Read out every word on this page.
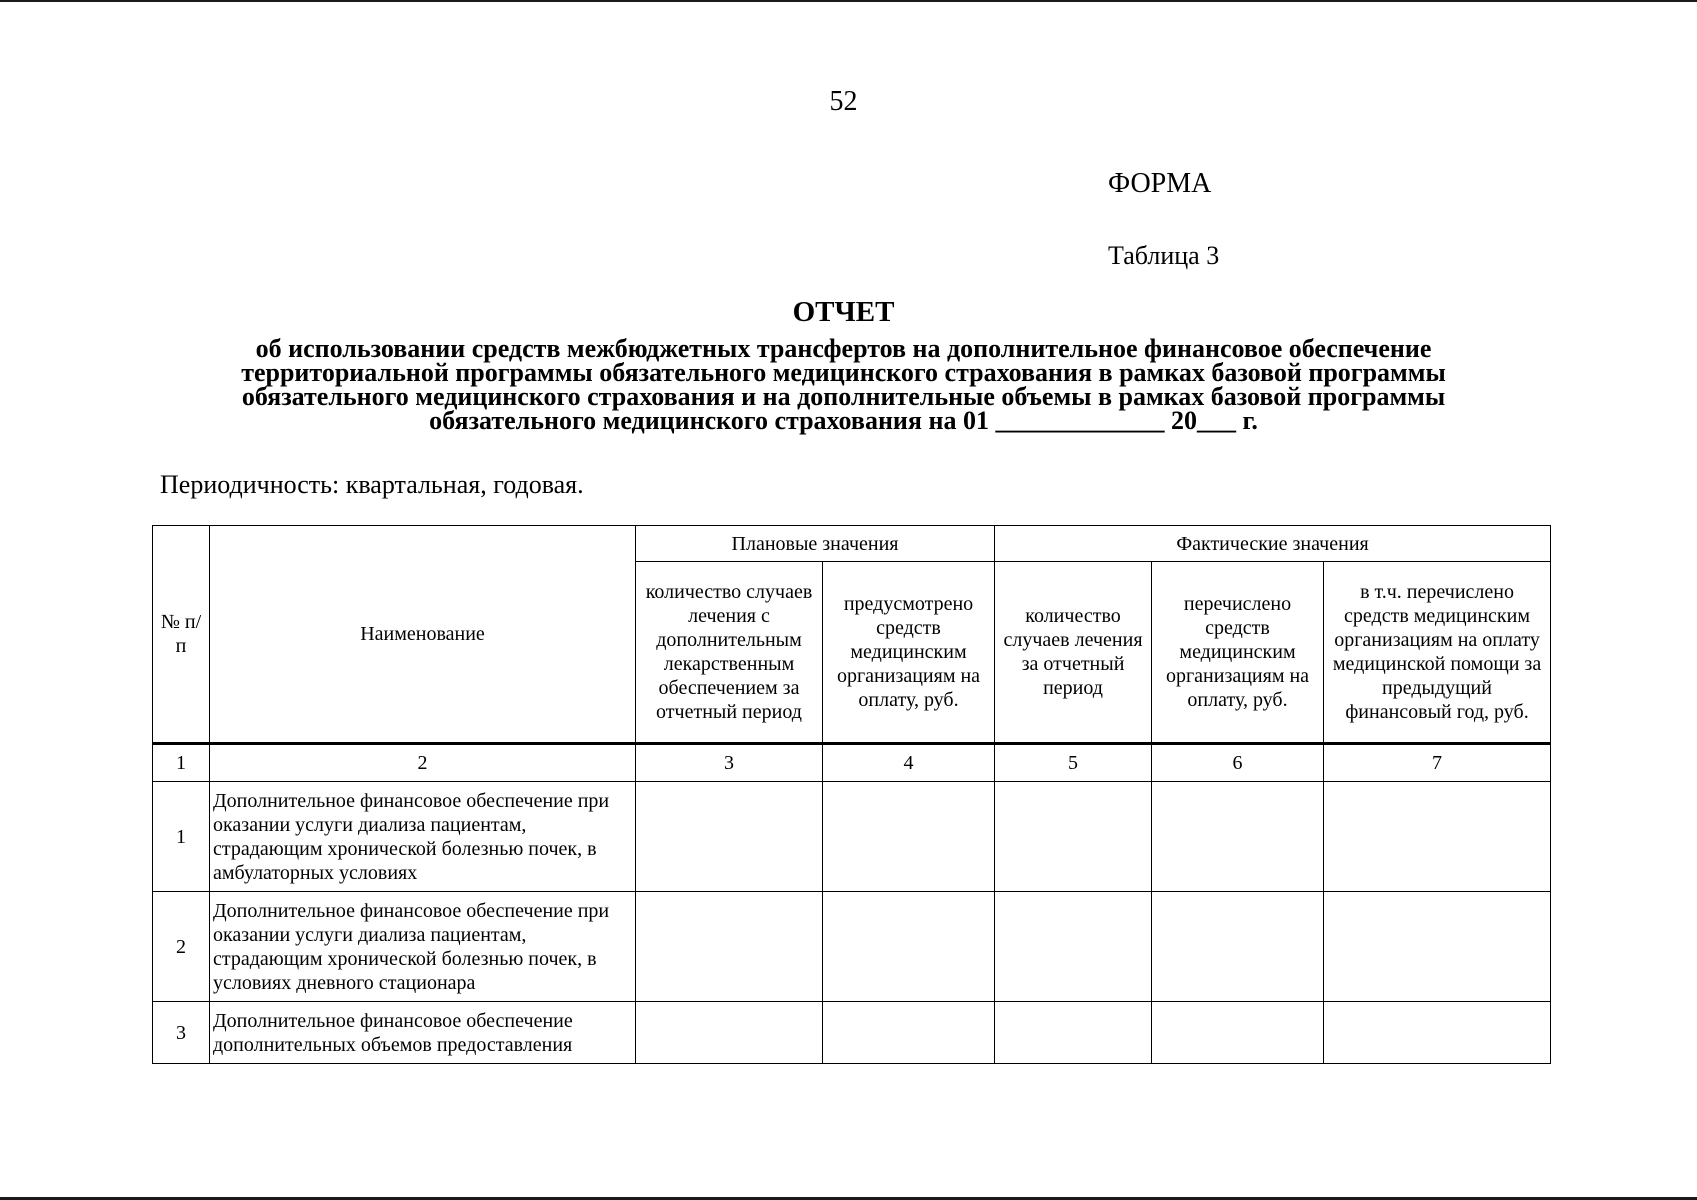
52
ФОРМА
Таблица 3
ОТЧЕТ
об использовании средств межбюджетных трансфертов на дополнительное финансовое обеспечение территориальной программы обязательного медицинского страхования в рамках базовой программы обязательного медицинского страхования и на дополнительные объемы в рамках базовой программы обязательного медицинского страхования на 01 _____________ 20___ г.
Периодичность: квартальная, годовая.
№ п/п	Наименование	Плановые значения		Фактические значения		
		количество случаев лечения с дополнительным лекарственным обеспечением за отчетный период	предусмотрено средств медицинским организациям на оплату, руб.	количество случаев лечения за отчетный период	перечислено средств медицинским организациям на оплату, руб.	в т.ч. перечислено средств медицинским организациям на оплату медицинской помощи за предыдущий финансовый год, руб.
1	2	3	4	5	6	7
1	Дополнительное финансовое обеспечение при оказании услуги диализа пациентам, страдающим хронической болезнью почек, в амбулаторных условиях					
2	Дополнительное финансовое обеспечение при оказании услуги диализа пациентам, страдающим хронической болезнью почек, в условиях дневного стационара					
3	Дополнительное финансовое обеспечение дополнительных объемов предоставления					
